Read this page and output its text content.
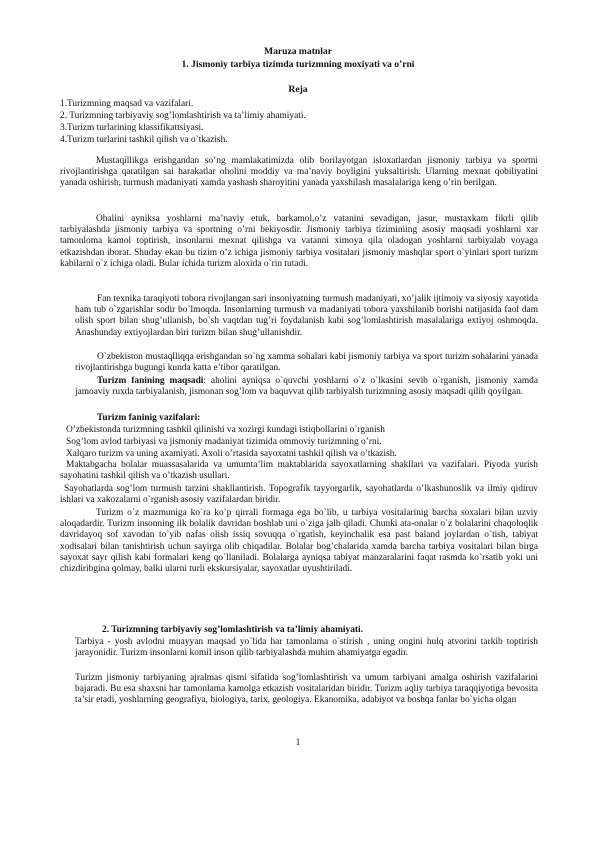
Maruza matnlar
1. Jismoniy tarbiya tizimda turizmning moxiyati va o’rni
Reja
1.Turizmning maqsad va vazifalari.
2. Turizmning tarbiyaviy sog’lomlashtirish va ta’limiy ahamiyati.
3.Turizm turlarining klassifikattsiyasi.
4.Turizm turlarini tashkil qilish va o`tkazish.

Mustaqillikga erishgandan so’ng mamlakatimizda olib borilayotgan isloxatlardan jismoniy tarbiya va sportni rivojlantirishga qaratilgan sai harakatlar oholini moddiy va ma’naviy boyligini yuksaltirish. Ularning mexnat qobiliyatini yanada oshirish, turmush madaniyati xamda yashash sharoyitini yanada yaxshilash masalalariga keng o’rin berilgan.

Ohalini ayniksa yoshlarni ma’naviy etuk, barkamol,o’z vatanini sevadigan, jasur, mustaxkam fikrli qilib tarbiyalashda jismoniy tarbiya va sportning o’rni bekiyosdir. Jismoniy tarbiya tiziminiing asosiy maqsadi yoshlarni xar tamonloma kamol toptirish, insonlarni mexnat qilishga va vatanni ximoya qila oladogan yoshlarni tarbiyalab voyaga etkazishdan iborat. Shuday ekan bu tizim o’z ichiga jismoniy tarbiya vositalari jismoniy mashqlar sport o`yinlari sport turizm kabilarni o`z ichiga oladi. Bular ichida turizm aloxida o`rin tutadi.

Fan texnika taraqiyoti tobora rivojlangan sari insoniyatning turmush madaniyati, xo’jalik ijtimoiy va siyosiy xayotida ham tub o`zgarishlar sodir bo`lmoqda. Insonlarning turmush va madaniyati tobora yaxshilanib borishi natijasida faol dam olish sport bilan shug’ullanish, bo`sh vaqtdan tug’ri foydalanish kabi sog’lomlashtirish masalalariga extiyoj oshmoqda. Anashunday extiyojlardan biri turizm bilan shug’ullanishdir.

O`zbekiston mustaqlliqqa erishgandan so`ng xamma sohalari kabi jismoniy tarbiya va sport turizm sohalarini yanada rivojlantirishga bugungi kunda katta e’tibor qaratilgan.

Turizm fanining maqsadi: aholini ayniqsa o`quvchi yoshlarni o`z o`lkasini sevib o`rganish, jismoniy xamda jamoaviy ruxda tarbiyalanish, jismonan sog’lom va baquvvat qilib tarbiyalsh turizmning asosiy maqsadi qilib qoyilgan.

Turizm faninig vazifalari:
O’zbekistonda turizmning tashkil qilinishi va xozirgi kundagi istiqbollarini o`rganish
Sog’lom avlod tarbiyasi va jismoniy madaniyat tizimida ommoviy turizmning o’rni.
Xalqaro turizm va uning axamiyati. Axoli o’rtasida sayoxatni tashkil qilish va o’tkazish.

Maktabgacha bolalar muassasalarida va umumta’lim maktablarida sayoxatlarning shakllari va vazifalari. Piyoda yurish sayohatini tashkil qilish va o’tkazish usullari.

Sayohatlarda sog’lom turmush tarzini shakllantirish. Topografik tayyorgarlik, sayohatlarda o’lkashunoslik va ilmiy qidiruv ishlari va xakozalarni o`rganish asosiy vazifalardan biridir.

Turizm o`z mazmuniga ko`ra ko`p qirrali formaga ega bo`lib, u tarbiya vositalarinig barcha soxalari bilan uzviy aloqadardir. Turizm insonning ilk bolalik davridan boshlab uni o`ziga jalb qiladi. Chunki ata-onalar o`z bolalarini chaqoloqlik davridayoq sof xavodan to`yib nafas olish issiq sovuqqa o`rgatish, keyinchalik esa past baland joylardan o`tish, tabiyat xodisalari bilan tanishtirish uchun sayirga olib chiqadilar. Bolalar bog’chalarida xamda barcha tarbiya vositalari bilan birga sayoxat sayr qilish kabi formalari keng qo`llaniladi. Bolalarga ayniqsa tabiyat manzaralarini faqat rasmda ko`rsatib yoki uni chizdiribgina qolmay, balki ularni turli ekskursiyalar, sayoxatlar uyushtiriladi.

2. Turizmning tarbiyaviy sog’lomlashtirish va ta’limiy ahamiyati.

Tarbiya - yosh avlodni muayyan maqsad yo`lida har tamonlama o`stirish , uning ongini hulq atvorini tarkib toptirish jarayonidir. Turizm insonlarni komil inson qilib tarbiyalashda muhim ahamiyatga egadir.

Turizm jismoniy tarbiyaning ajralmas qismi sifatida sog’lomlashtirish va umum tarbiyani amalga oshirish vazifalarini bajaradi. Bu esa shaxsni har tamonlama kamolga etkazish vositalaridan biridir. Turizm aqliy tarbiya taraqqiyotiga bevosita ta’sir etadi, yoshlarning geografiya, biologiya, tarix, geologiya. Ekanomika, adabiyot va boshqa fanlar bo`yicha olgan

1
